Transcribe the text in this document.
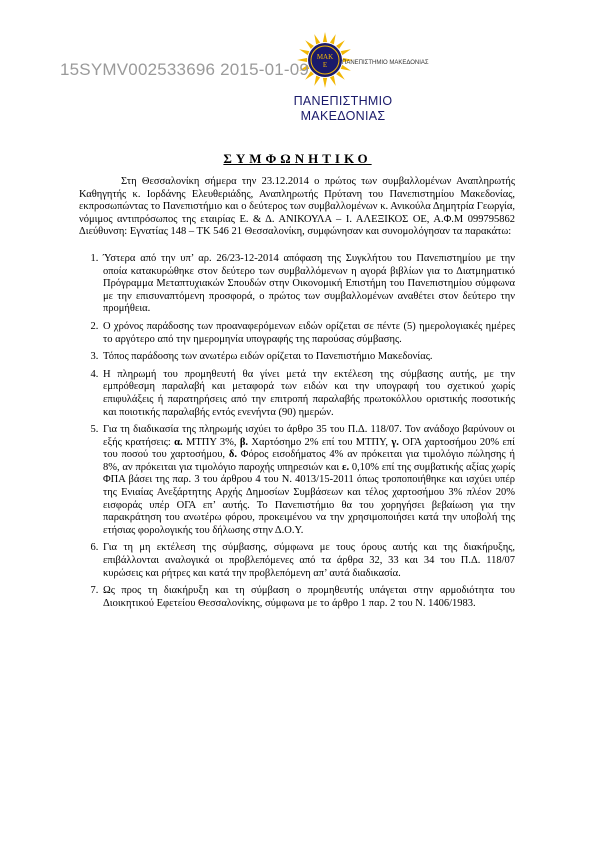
15SYMV002533696 2015-01-09
ΜΑΚ
Ε ΠΑΝΕΠΙΣΤΗΜΙΟ ΜΑΚΕΔΟΝΙΑΣ
ΠΑΝΕΠΙΣΤΗΜΙΟ
ΜΑΚΕΔΟΝΙΑΣ
ΣΥΜΦΩΝΗΤΙΚΟ

Στη Θεσσαλονίκη σήμερα την 23.12.2014 ο πρώτος των συμβαλλομένων Αναπληρωτής Καθηγητής κ. Ιορδάνης Ελευθεριάδης, Αναπληρωτής Πρύτανη του Πανεπιστημίου Μακεδονίας, εκπροσωπώντας το Πανεπιστήμιο και ο δεύτερος των συμβαλλομένων κ. Ανικούλα Δημητρία Γεωργία, νόμιμος αντιπρόσωπος της εταιρίας Ε. & Δ. ΑΝΙΚΟΥΛΑ – Ι. ΑΛΕΞΙΚΟΣ ΟΕ, Α.Φ.Μ 099795862 Διεύθυνση: Εγνατίας 148 – ΤΚ 546 21 Θεσσαλονίκη, συμφώνησαν και συνομολόγησαν τα παρακάτω:

1. Ύστερα από την υπ’ αρ. 26/23-12-2014 απόφαση της Συγκλήτου του Πανεπιστημίου με την οποία κατακυρώθηκε στον δεύτερο των συμβαλλόμενων η αγορά βιβλίων για το Διατμηματικό Πρόγραμμα Μεταπτυχιακών Σπουδών στην Οικονομική Επιστήμη του Πανεπιστημίου σύμφωνα με την επισυναπτόμενη προσφορά, ο πρώτος των συμβαλλομένων αναθέτει στον δεύτερο την προμήθεια.
2. Ο χρόνος παράδοσης των προαναφερόμενων ειδών ορίζεται σε πέντε (5) ημερολογιακές ημέρες το αργότερο από την ημερομηνία υπογραφής της παρούσας σύμβασης.
3. Τόπος παράδοσης των ανωτέρω ειδών ορίζεται το Πανεπιστήμιο Μακεδονίας.
4. Η πληρωμή του προμηθευτή θα γίνει μετά την εκτέλεση της σύμβασης αυτής, με την εμπρόθεσμη παραλαβή και μεταφορά των ειδών και την υπογραφή του σχετικού χωρίς επιφυλάξεις ή παρατηρήσεις από την επιτροπή παραλαβής πρωτοκόλλου οριστικής ποσοτικής και ποιοτικής παραλαβής εντός ενενήντα (90) ημερών.
5. Για τη διαδικασία της πληρωμής ισχύει το άρθρο 35 του Π.Δ. 118/07. Τον ανάδοχο βαρύνουν οι εξής κρατήσεις: α. ΜΤΠΥ 3%, β. Χαρτόσημο 2% επί του ΜΤΠΥ, γ. ΟΓΑ χαρτοσήμου 20% επί του ποσού του χαρτοσήμου, δ. Φόρος εισοδήματος 4% αν πρόκειται για τιμολόγιο πώλησης ή 8%, αν πρόκειται για τιμολόγιο παροχής υπηρεσιών και ε. 0,10% επί της συμβατικής αξίας χωρίς ΦΠΑ βάσει της παρ. 3 του άρθρου 4 του Ν. 4013/15-2011 όπως τροποποιήθηκε και ισχύει υπέρ της Ενιαίας Ανεξάρτητης Αρχής Δημοσίων Συμβάσεων και τέλος χαρτοσήμου 3% πλέον 20% εισφοράς υπέρ ΟΓΑ επ’ αυτής. Το Πανεπιστήμιο θα του χορηγήσει βεβαίωση για την παρακράτηση του ανωτέρω φόρου, προκειμένου να την χρησιμοποιήσει κατά την υποβολή της ετήσιας φορολογικής του δήλωσης στην Δ.Ο.Υ.
6. Για τη μη εκτέλεση της σύμβασης, σύμφωνα με τους όρους αυτής και της διακήρυξης, επιβάλλονται αναλογικά οι προβλεπόμενες από τα άρθρα 32, 33 και 34 του Π.Δ. 118/07 κυρώσεις και ρήτρες και κατά την προβλεπόμενη απ’ αυτά διαδικασία.
7. Ως προς τη διακήρυξη και τη σύμβαση ο προμηθευτής υπάγεται στην αρμοδιότητα του Διοικητικού Εφετείου Θεσσαλονίκης, σύμφωνα με το άρθρο 1 παρ. 2 του Ν. 1406/1983.
